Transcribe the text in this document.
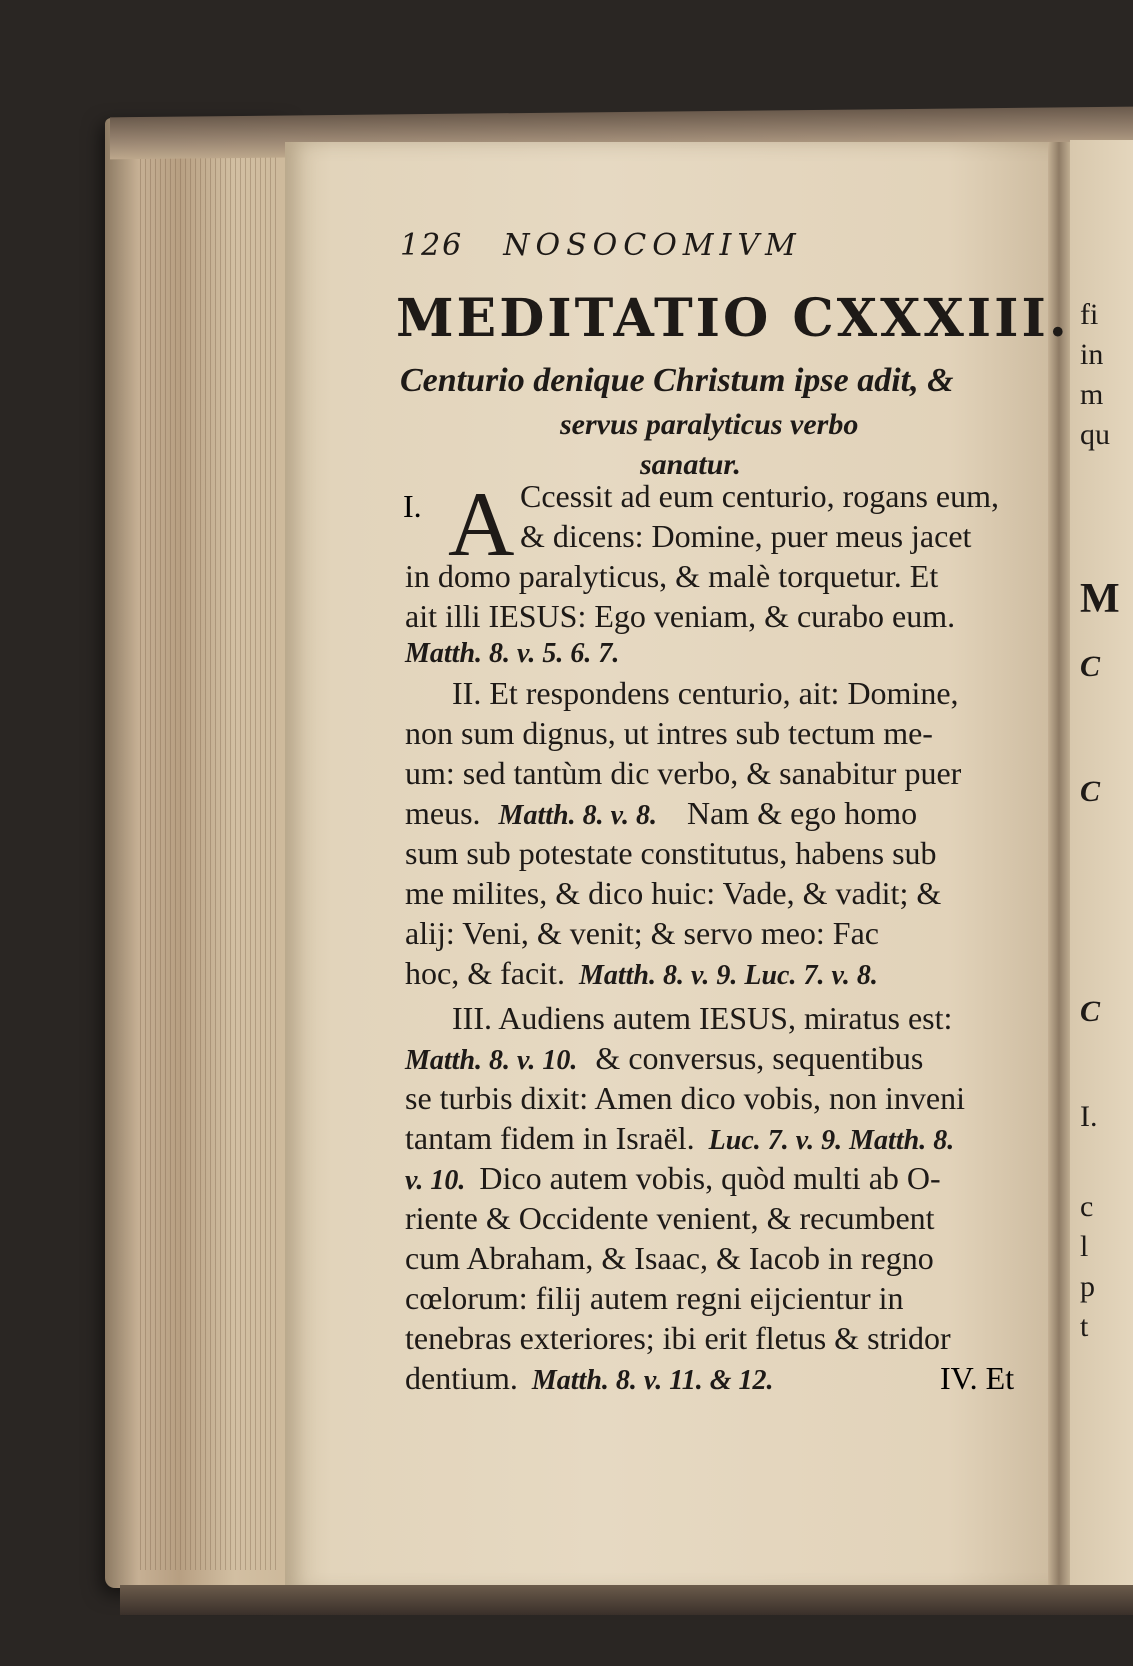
126 NOSOCOMIVM
MEDITATIO CXXXIII.
Centurio denique Christum ipse adit, &
servus paralyticus verbo
sanatur.
I. A Ccessit ad eum centurio, rogans eum,
& dicens: Domine, puer meus jacet
in domo paralyticus, & malè torquetur. Et
ait illi IESUS: Ego veniam, & curabo eum.
Matth. 8. v. 5. 6. 7.
II. Et respondens centurio, ait: Domine,
non sum dignus, ut intres sub tectum me-
um: sed tantùm dic verbo, & sanabitur puer
meus. Matth. 8. v. 8. Nam & ego homo
sum sub potestate constitutus, habens sub
me milites, & dico huic: Vade, & vadit; &
alij: Veni, & venit; & servo meo: Fac
hoc, & facit. Matth. 8. v. 9. Luc. 7. v. 8.
III. Audiens autem IESUS, miratus est:
Matth. 8. v. 10. & conversus, sequentibus
se turbis dixit: Amen dico vobis, non inveni
tantam fidem in Israël. Luc. 7. v. 9. Matth. 8.
v. 10. Dico autem vobis, quòd multi ab O-
riente & Occidente venient, & recumbent
cum Abraham, & Isaac, & Iacob in regno
cœlorum: filij autem regni eijcientur in
tenebras exteriores; ibi erit fletus & stridor
dentium. Matth. 8. v. 11. & 12.	IV. Et
fi
in
m
qu
M
C
C
C
I.
c
l
p
t
